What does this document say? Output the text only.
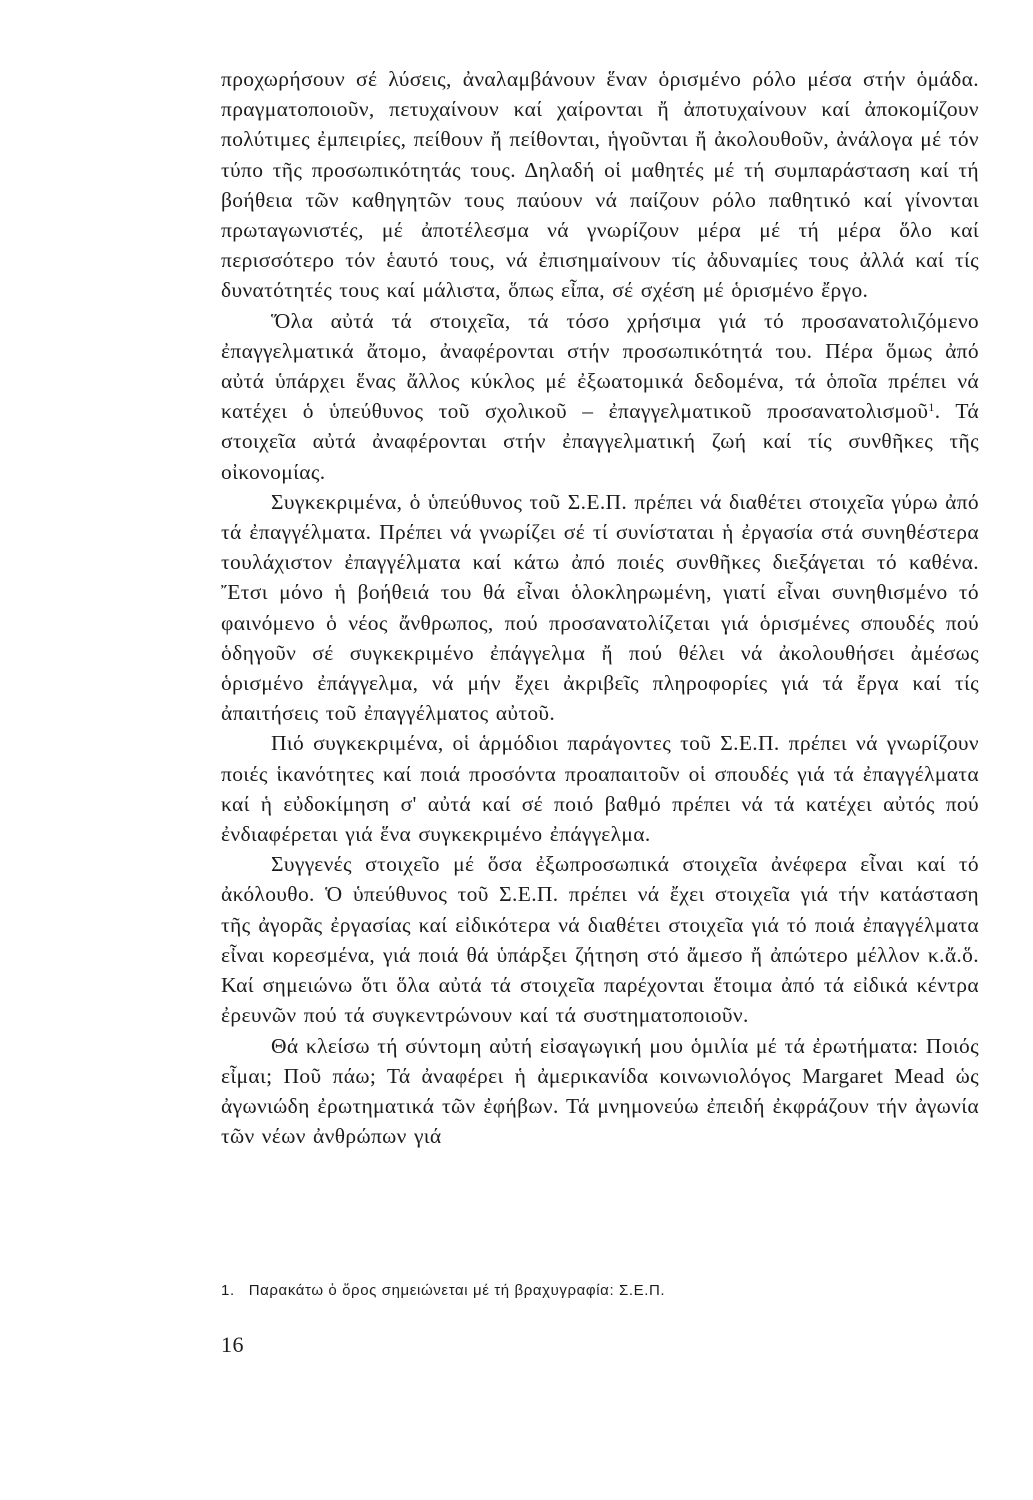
προχωρήσουν σέ λύσεις, ἀναλαμβάνουν ἕναν ὁρισμένο ρόλο μέσα στήν ὁμάδα. πραγματοποιοῦν, πετυχαίνουν καί χαίρονται ἤ ἀποτυχαίνουν καί ἀποκομίζουν πολύτιμες ἐμπειρίες, πείθουν ἤ πείθονται, ἡγοῦνται ἤ ἀκολουθοῦν, ἀνάλογα μέ τόν τύπο τῆς προσωπικότητάς τους. Δηλαδή οἱ μαθητές μέ τή συμπαράσταση καί τή βοήθεια τῶν καθηγητῶν τους παύουν νά παίζουν ρόλο παθητικό καί γίνονται πρωταγωνιστές, μέ ἀποτέλεσμα νά γνωρίζουν μέρα μέ τή μέρα ὅλο καί περισσότερο τόν ἑαυτό τους, νά ἐπισημαίνουν τίς ἀδυναμίες τους ἀλλά καί τίς δυνατότητές τους καί μάλιστα, ὅπως εἶπα, σέ σχέση μέ ὁρισμένο ἔργο.

Ὅλα αὐτά τά στοιχεῖα, τά τόσο χρήσιμα γιά τό προσανατολιζόμενο ἐπαγγελματικά ἄτομο, ἀναφέρονται στήν προσωπικότητά του. Πέρα ὅμως ἀπό αὐτά ὑπάρχει ἕνας ἄλλος κύκλος μέ ἐξωατομικά δεδομένα, τά ὁποῖα πρέπει νά κατέχει ὁ ὑπεύθυνος τοῦ σχολικοῦ – ἐπαγγελματικοῦ προσανατολισμοῦ$^1$. Τά στοιχεῖα αὐτά ἀναφέρονται στήν ἐπαγγελματική ζωή καί τίς συνθῆκες τῆς οἰκονομίας.

Συγκεκριμένα, ὁ ὑπεύθυνος τοῦ Σ.Ε.Π. πρέπει νά διαθέτει στοιχεῖα γύρω ἀπό τά ἐπαγγέλματα. Πρέπει νά γνωρίζει σέ τί συνίσταται ἡ ἐργασία στά συνηθέστερα τουλάχιστον ἐπαγγέλματα καί κάτω ἀπό ποιές συνθῆκες διεξάγεται τό καθένα. Ἔτσι μόνο ἡ βοήθειά του θά εἶναι ὁλοκληρωμένη, γιατί εἶναι συνηθισμένο τό φαινόμενο ὁ νέος ἄνθρωπος, πού προσανατολίζεται γιά ὁρισμένες σπουδές πού ὁδηγοῦν σέ συγκεκριμένο ἐπάγγελμα ἤ πού θέλει νά ἀκολουθήσει ἀμέσως ὁρισμένο ἐπάγγελμα, νά μήν ἔχει ἀκριβεῖς πληροφορίες γιά τά ἔργα καί τίς ἀπαιτήσεις τοῦ ἐπαγγέλματος αὐτοῦ.

Πιό συγκεκριμένα, οἱ ἁρμόδιοι παράγοντες τοῦ Σ.Ε.Π. πρέπει νά γνωρίζουν ποιές ἱκανότητες καί ποιά προσόντα προαπαιτοῦν οἱ σπουδές γιά τά ἐπαγγέλματα καί ἡ εὐδοκίμηση σ' αὐτά καί σέ ποιό βαθμό πρέπει νά τά κατέχει αὐτός πού ἐνδιαφέρεται γιά ἕνα συγκεκριμένο ἐπάγγελμα.

Συγγενές στοιχεῖο μέ ὅσα ἐξωπροσωπικά στοιχεῖα ἀνέφερα εἶναι καί τό ἀκόλουθο. Ὁ ὑπεύθυνος τοῦ Σ.Ε.Π. πρέπει νά ἔχει στοιχεῖα γιά τήν κατάσταση τῆς ἀγορᾶς ἐργασίας καί εἰδικότερα νά διαθέτει στοιχεῖα γιά τό ποιά ἐπαγγέλματα εἶναι κορεσμένα, γιά ποιά θά ὑπάρξει ζήτηση στό ἄμεσο ἤ ἀπώτερο μέλλον κ.ἄ.ὅ. Καί σημειώνω ὅτι ὅλα αὐτά τά στοιχεῖα παρέχονται ἕτοιμα ἀπό τά εἰδικά κέντρα ἐρευνῶν πού τά συγκεντρώνουν καί τά συστηματοποιοῦν.

Θά κλείσω τή σύντομη αὐτή εἰσαγωγική μου ὁμιλία μέ τά ἐρωτήματα: Ποιός εἶμαι; Ποῦ πάω; Τά ἀναφέρει ἡ ἀμερικανίδα κοινωνιολόγος Margaret Mead ὡς ἀγωνιώδη ἐρωτηματικά τῶν ἐφήβων. Τά μνημονεύω ἐπειδή ἐκφράζουν τήν ἀγωνία τῶν νέων ἀνθρώπων γιά

1. Παρακάτω ὁ ὅρος σημειώνεται μέ τή βραχυγραφία: Σ.Ε.Π.
16
